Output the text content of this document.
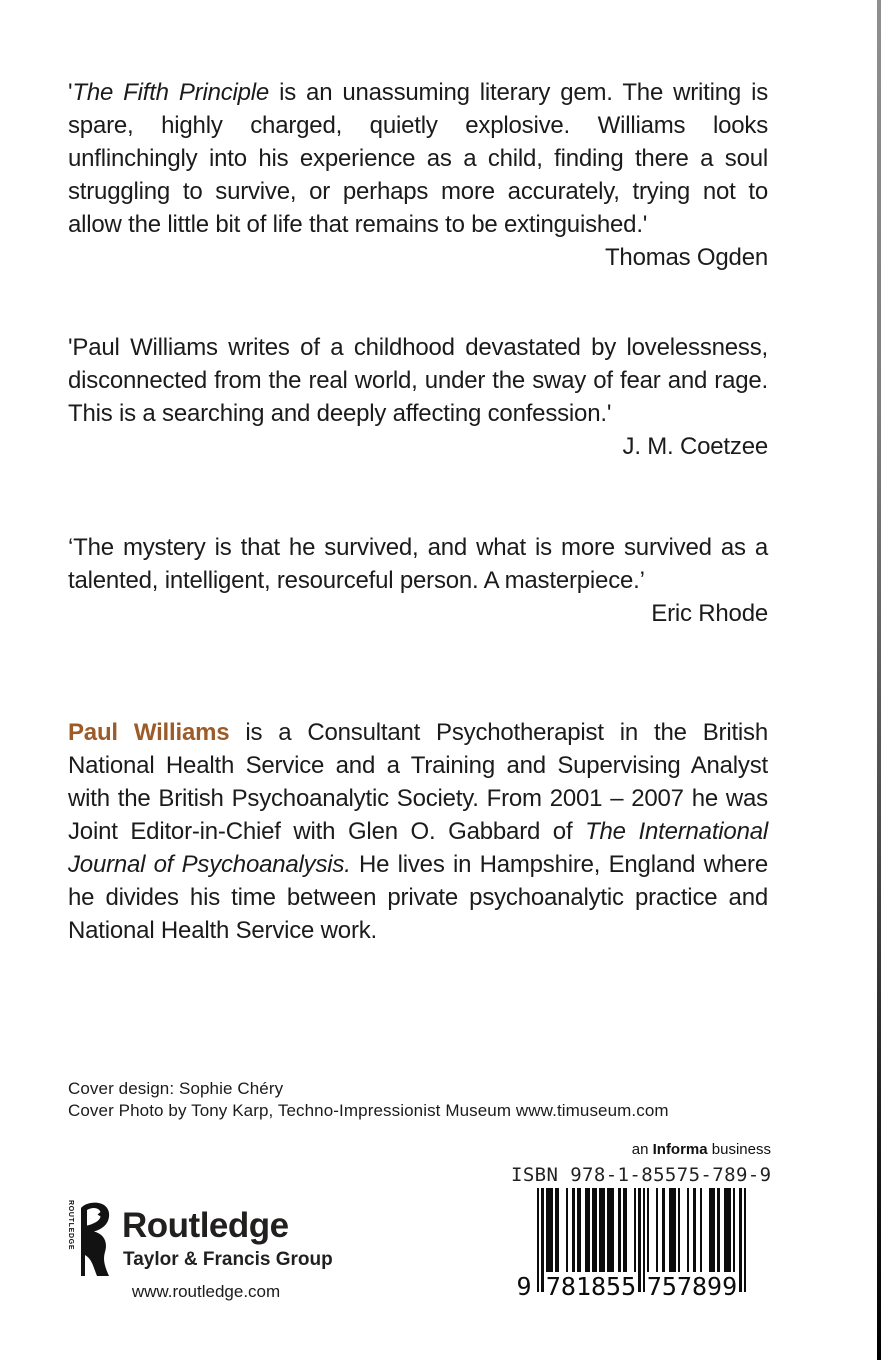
'The Fifth Principle is an unassuming literary gem. The writing is spare, highly charged, quietly explosive. Williams looks unflinchingly into his experience as a child, finding there a soul struggling to survive, or perhaps more accurately, trying not to allow the little bit of life that remains to be extinguished.'
Thomas Ogden
'Paul Williams writes of a childhood devastated by lovelessness, disconnected from the real world, under the sway of fear and rage. This is a searching and deeply affecting confession.'
J. M. Coetzee
‘The mystery is that he survived, and what is more survived as a talented, intelligent, resourceful person. A masterpiece.’
Eric Rhode
Paul Williams is a Consultant Psychotherapist in the British National Health Service and a Training and Supervising Analyst with the British Psychoanalytic Society. From 2001 – 2007 he was Joint Editor-in-Chief with Glen O. Gabbard of The International Journal of Psychoanalysis. He lives in Hampshire, England where he divides his time between private psychoanalytic practice and National Health Service work.
Cover design: Sophie Chéry
Cover Photo by Tony Karp, Techno-Impressionist Museum www.timuseum.com
an Informa business
ISBN 978-1-85575-789-9
9 781855 757899
ROUTLEDGE Routledge
Taylor & Francis Group
www.routledge.com
